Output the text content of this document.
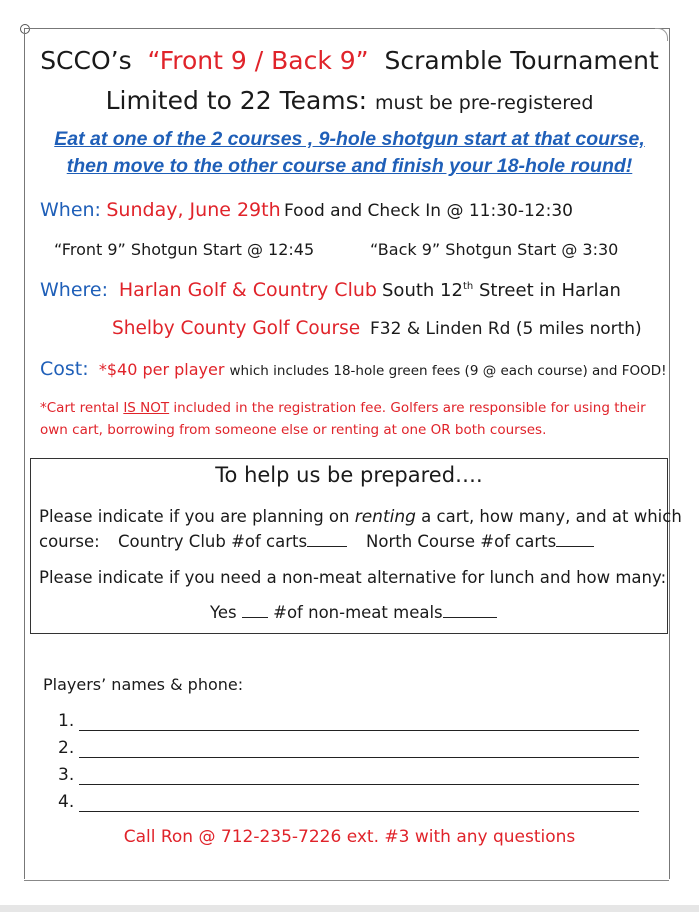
SCCO’s “Front 9 / Back 9” Scramble Tournament
Limited to 22 Teams: must be pre-registered
Eat at one of the 2 courses , 9-hole shotgun start at that course,
then move to the other course and finish your 18-hole round!
When: Sunday, June 29th Food and Check In @ 11:30-12:30
“Front 9” Shotgun Start @ 12:45	“Back 9” Shotgun Start @ 3:30
Where: Harlan Golf & Country Club South 12th Street in Harlan
Shelby County Golf Course F32 & Linden Rd (5 miles north)
Cost: *$40 per player which includes 18-hole green fees (9 @ each course) and FOOD!
*Cart rental IS NOT included in the registration fee. Golfers are responsible for using their
own cart, borrowing from someone else or renting at one OR both courses.
To help us be prepared….
Please indicate if you are planning on renting a cart, how many, and at which
course: Country Club #of carts	North Course #of carts
Please indicate if you need a non-meat alternative for lunch and how many:
Yes #of non-meat meals
Players’ names & phone:
1.
2.
3.
4.
Call Ron @ 712-235-7226 ext. #3 with any questions
